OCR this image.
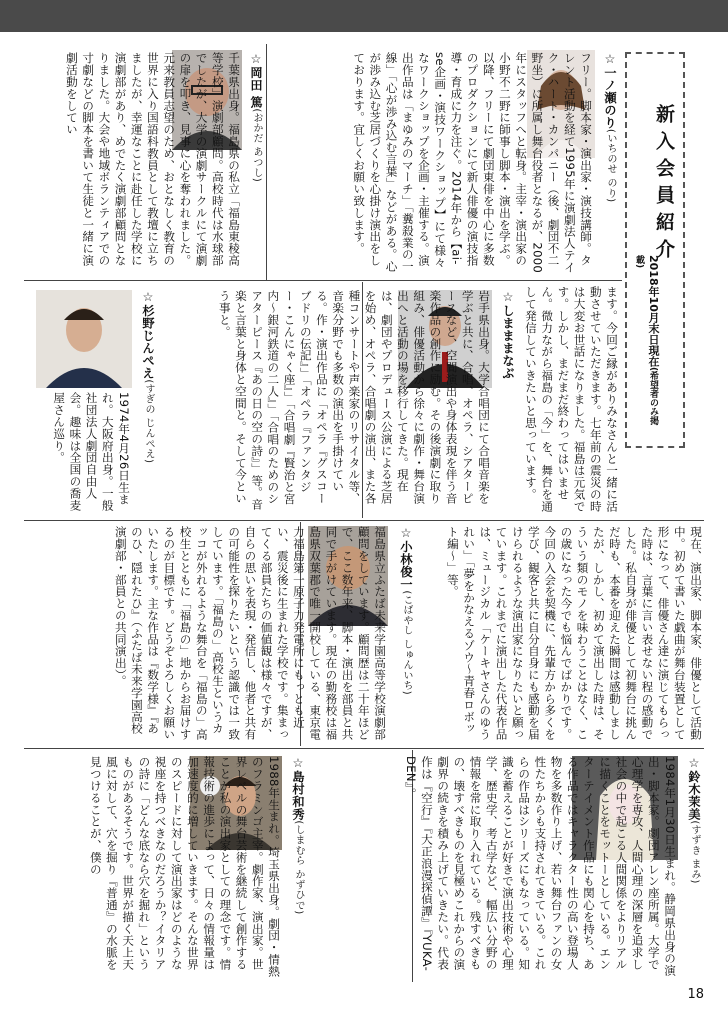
新入会員紹介
2018年10月末日現在(希望者のみ掲載)
☆一ノ瀬のり(いちのせ のり)
フリー。脚本家・演出家・演技講師。タレント活動を経て1995年に演劇法人テイク・ハート・カンパニー（後、劇団不二野坐）に所属し舞台役者となるが、2000年にスタッフへと転身。主宰・演出家の小野不二野に師事し脚本・演出を学ぶ。以降、フリーにて劇団東俳を中心に多数のプロダクションにて新人俳優の演技指導・育成に力を注ぐ。2014年から【ai-se企画・演技ワークショップ】にて様々なワークショップを企画・主催する。演出作品は「まゆみのマーチ」「糞殺業の一線」「心が渉み込む言葉」などがある。心が渉み込む芝居づくりを心掛け演出をしております。宜しくお願い致します。
☆岡田 篤(おかだ あつし)
千葉県出身。福島県の私立「福島東稜高等学校」演劇部顧問。高校時代は水球部でしたが、大学の演劇サークルにて演劇の扉を叩き、見事に心を奪われました。元来教員志望のため、おとなしく教育の世界に入り国語科教員として教壇に立ちましたが、幸運なことに赴任した学校に演劇部があり、めでたく演劇部顧問となりました。大会や地域ボランティアでの寸劇などの脚本を書いて生徒と一緒に演劇活動をしてい
ます。今回ご縁がありみなさんと一緒に活動させていただきます。七年前の震災の時は大変お世話になりました。福島は元気です。しかし、まだまだ終わってはいません。微力ながら福島の「今」を、舞台を通して発信していきたいと思っています。
☆しまままなぶ
岩手県出身。大学合唱団にて合唱音楽を学ぶと共に、合唱、オペラ、シアターピースなど、空間演出や身体表現を伴う音楽作品の創作に励む。その後演劇に取り組み、俳優活動から徐々に劇作・舞台演出へと活動の場を移行してきた。現在は、劇団やプロデュース公演による芝居を始め、オペラ、合唱劇の演出、また各種コンサートや声楽家のリサイタル等、音楽分野でも多数の演出を手掛けている。作・演出作品に「オペラ『グスコーブドリの伝記』」「オペラ『ファンタジー・こんにゃく座』」「合唱劇『賢治と宮内〜銀河鉄道の二人』」「合唱のためのシアターピース『あの日の空の詩』」等。音楽と言葉と身体と空間と。そして今という事と。
☆杉野じんぺえ(すぎの じんぺえ)
1974年4月26日生まれ。大阪府出身。一般社団法人劇団自由人会。趣味は全国の喬麦屋さん巡り。
現在、演出家、脚本家、俳優として活動中。初めて書いた戯曲が舞台装置として形になって、俳優さん達に演じてもらった時は、言葉に言い表せない程の感動でした。私自身が俳優として初舞台に挑んだ時も、本番を迎えた瞬間は感動しましたが、しかし、初めて演出した時は、そういう類のモノを味わうことはなく、この歳になった今でも悩んでばかりです。今回の入会を契機に、先輩方から多くを学び、観客と共に自分自身にも感動を届けられるような演出家になりたいと願っています。これまでに演出した代表作品は、ミュージカル「ケーキヤさんのゆうれい」「夢をかなえるゾウ〜青春ロボット編〜」等。
☆小林俊一(こばやし しゅんいち)
福島県立ふたば未来学園高等学校演劇部顧問をしています。顧問歴は二十年ほどで、ここ数年来、脚本・演出を部員と共同で手がけています。現在の勤務校は福島県双葉郡で唯一開校している、東京電力福島第一原子力発電所にもっとも近い、震災後に生まれた学校です。集まってくる部員たちの価値観は様々ですが、自らの思いを表現・発信し、他者と共有の可能性を探りたいという認識では一致しています。「福島の」高校生というカッコが外れるような舞台を「福島の」高校生とともに「福島の」地からお届けするのが目標です。どうぞよろしくお願いいたします。主な作品は『数学様』『あのひ、隠れたひ』（ふたば未来学園高校演劇部・部員との共同演出）。
☆鈴木茉美(すずき まみ)
1984年1月30日生まれ。静岡県出身の演出・脚本家。劇団アレン座所属。大学で心理学を専攻、人間心理の深層を追求し社会の中で起こる人間関係をよりリアルに描くことをモットーとしている。エンターテイメント作品にも関心を持ち、ある作品ではキャラクター性の高い登場人物を多数作り上げ、若い舞台ファンの女性たちからも支持されてきている。これらの作品はシリーズにもなっている。知識を蓄えることが好きで演出技術や心理学、歴史学、考古学など、幅広い分野の情報を常に取り入れている。残すべきもの、壊すべきものを見極めこれからの演劇界の続きを積み上げていきたい。代表作は『空行』『大正浪漫探偵譚』『YUKA-DEN』。
☆島村和秀(しまむら かずひで)
1988年生まれ。埼玉県出身。劇団・情熱のフラミンゴ主宰。劇作家、演出家。世界レベルの舞台芸術を継続して創作することが私の演出家としての理念です。情報技術の進歩によって、日々の情報量は加速度的に増していきます。そんな世界のスピードに対して演出家はどのような視座を持つべきなのだろうか？イタリアの詩に「どんな底なら穴を掘れ」というものがあるそうです。世界が描く天上天風に対して、穴を掘り『普通』の水脈を見つけることが、僕の
18
